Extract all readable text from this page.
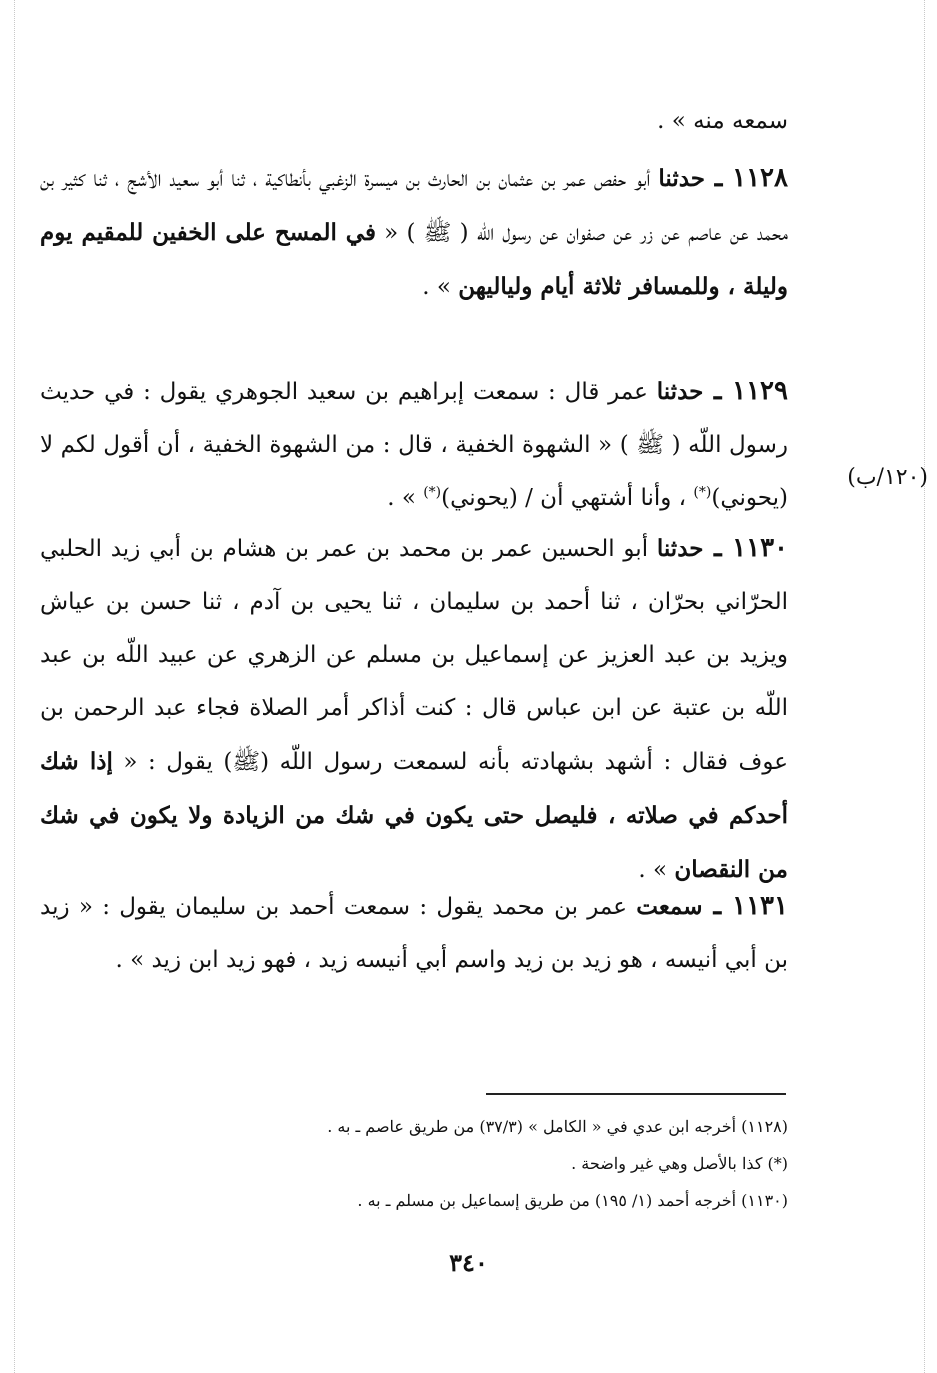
سمعه منه » .

١١٢٨ ـ حدثنا أبو حفص عمر بن عثمان بن الحارث بن ميسرة الزغبي بأنطاكية ، ثنا أبو سعيد الأشج ، ثنا كثير بن محمد عن عاصم عن زر عن صفوان عن رسول اللّه ( ﷺ ) « في المسح على الخفين للمقيم يوم وليلة ، وللمسافر ثلاثة أيام ولياليهن » .

١١٢٩ ـ حدثنا عمر قال : سمعت إبراهيم بن سعيد الجوهري يقول : في حديث رسول اللّه ( ﷺ ) « الشهوة الخفية ، قال : من الشهوة الخفية ، أن أقول لكم لا (يحوني)(*) ، وأنا أشتهي أن / (يحوني)(*) » .

(١٢٠/ب)

١١٣٠ ـ حدثنا أبو الحسين عمر بن محمد بن عمر بن هشام بن أبي زيد الحلبي الحرّاني بحرّان ، ثنا أحمد بن سليمان ، ثنا يحيى بن آدم ، ثنا حسن بن عياش ويزيد بن عبد العزيز عن إسماعيل بن مسلم عن الزهري عن عبيد اللّه بن عبد اللّه بن عتبة عن ابن عباس قال : كنت أذاكر أمر الصلاة فجاء عبد الرحمن بن عوف فقال : أشهد بشهادته بأنه لسمعت رسول اللّه (ﷺ) يقول : « إذا شك أحدكم في صلاته ، فليصل حتى يكون في شك من الزيادة ولا يكون في شك من النقصان » .

١١٣١ ـ سمعت عمر بن محمد يقول : سمعت أحمد بن سليمان يقول : « زيد بن أبي أنيسه ، هو زيد بن زيد واسم أبي أنيسه زيد ، فهو زيد ابن زيد » .

(١١٢٨) أخرجه ابن عدي في « الكامل » (٣٧/٣) من طريق عاصم ـ به .

(*) كذا بالأصل وهي غير واضحة .

(١١٣٠) أخرجه أحمد (١/ ١٩٥) من طريق إسماعيل بن مسلم ـ به .

٣٤٠
